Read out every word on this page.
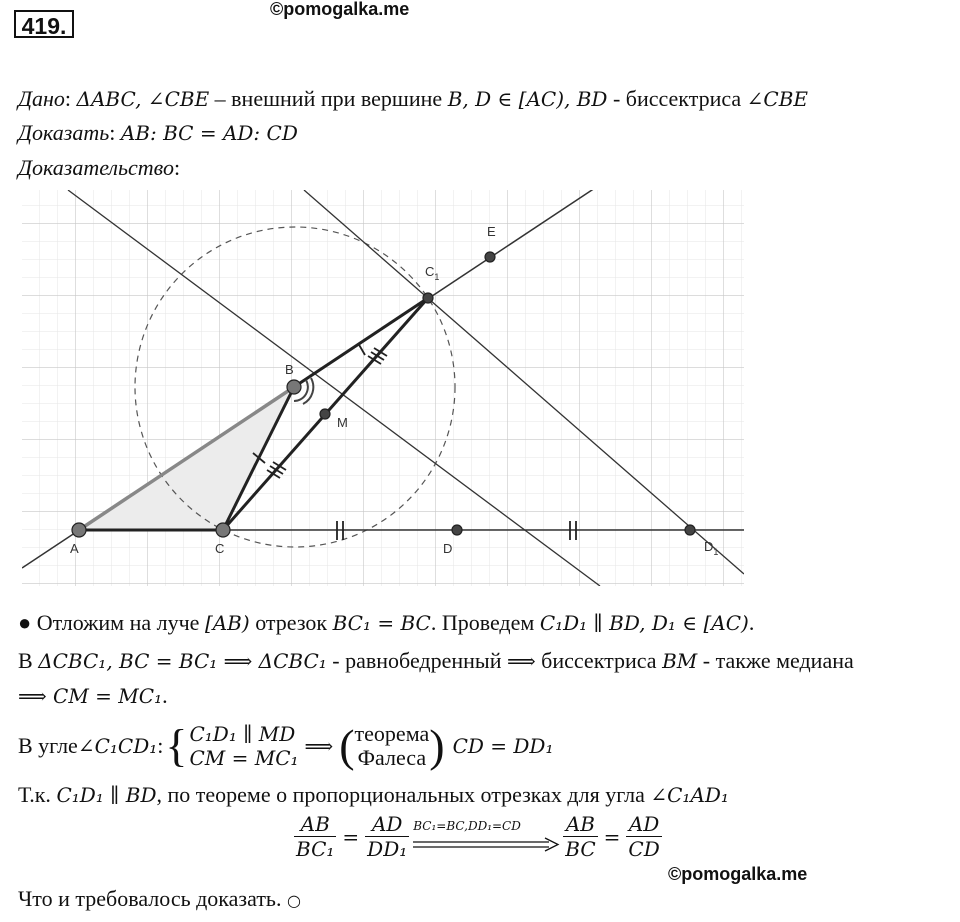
419.
©pomogalka.me
Дано: ΔABC, ∠CBE – внешний при вершине B, D ∈ [AC), BD - биссектриса ∠CBE
Доказать: AB: BC = AD: CD
Доказательство:
A	C
B
M
D
E
$C_1$
$D_1$
● Отложим на луче [AB) отрезок BC₁ = BC. Проведем C₁D₁ ∥ BD, D₁ ∈ [AC).
В ΔCBC₁, BC = BC₁ ⟹ ΔCBC₁ - равнобедренный ⟹ биссектриса BM - также медиана
⟹ CM = MC₁.
В угле ∠C₁CD₁ : { C₁D₁ ∥ MD
CM = MC₁ ⟹ ( теорема
Фалеса ) CD = DD₁
Т.к. C₁D₁ ∥ BD, по теореме о пропорциональных отрезках для угла ∠C₁AD₁
$\frac{AB}{\text{BC₁}} = \frac{AD}{\text{DD₁}} BC_1=BC,DD_1=CD \frac{AB}{BC} = \frac{AD}{CD}$
©pomogalka.me
Что и требовалось доказать. ○
